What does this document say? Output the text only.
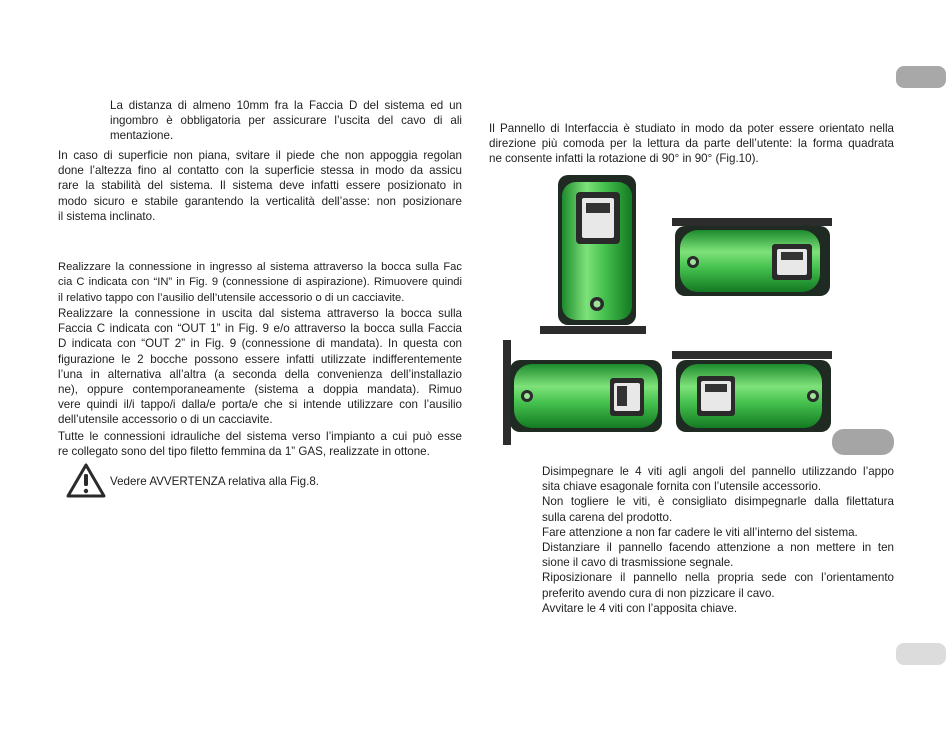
La distanza di almeno 10mm fra la Faccia D del sistema ed un
ingombro è obbligatoria per assicurare l’uscita del cavo di ali
mentazione.
In caso di superficie non piana, svitare il piede che non appoggia regolan
done l’altezza fino al contatto con la superficie stessa in modo da assicu
rare la stabilità del sistema. Il sistema deve infatti essere posizionato in
modo sicuro e stabile garantendo la verticalità dell’asse: non posizionare
il sistema inclinato.
Realizzare la connessione in ingresso al sistema attraverso la bocca sulla Fac
cia C indicata con “IN” in Fig. 9 (connessione di aspirazione). Rimuovere quindi
il relativo tappo con l’ausilio dell’utensile accessorio o di un cacciavite.
Realizzare la connessione in uscita dal sistema attraverso la bocca sulla
Faccia C indicata con “OUT 1” in Fig. 9 e/o attraverso la bocca sulla Faccia
D indicata con “OUT 2” in Fig. 9 (connessione di mandata). In questa con
figurazione le 2 bocche possono essere infatti utilizzate indifferentemente
l’una in alternativa all’altra (a seconda della convenienza dell’installazio
ne), oppure contemporaneamente (sistema a doppia mandata). Rimuo
vere quindi il/i tappo/i dalla/e porta/e che si intende utilizzare con l’ausilio
dell’utensile accessorio o di un cacciavite.
Tutte le connessioni idrauliche del sistema verso l’impianto a cui può esse
re collegato sono del tipo filetto femmina da 1” GAS, realizzate in ottone.
Vedere AVVERTENZA relativa alla Fig.8.
Il Pannello di Interfaccia è studiato in modo da poter essere orientato nella
direzione più comoda per la lettura da parte dell’utente: la forma quadrata
ne consente infatti la rotazione di 90° in 90° (Fig.10).
Disimpegnare le 4 viti agli angoli del pannello utilizzando l’appo
sita chiave esagonale fornita con l’utensile accessorio.
Non togliere le viti, è consigliato disimpegnarle dalla filettatura
sulla carena del prodotto.
Fare attenzione a non far cadere le viti all’interno del sistema.
Distanziare il pannello facendo attenzione a non mettere in ten
sione il cavo di trasmissione segnale.
Riposizionare il pannello nella propria sede con l’orientamento
preferito avendo cura di non pizzicare il cavo.
Avvitare le 4 viti con l’apposita chiave.
